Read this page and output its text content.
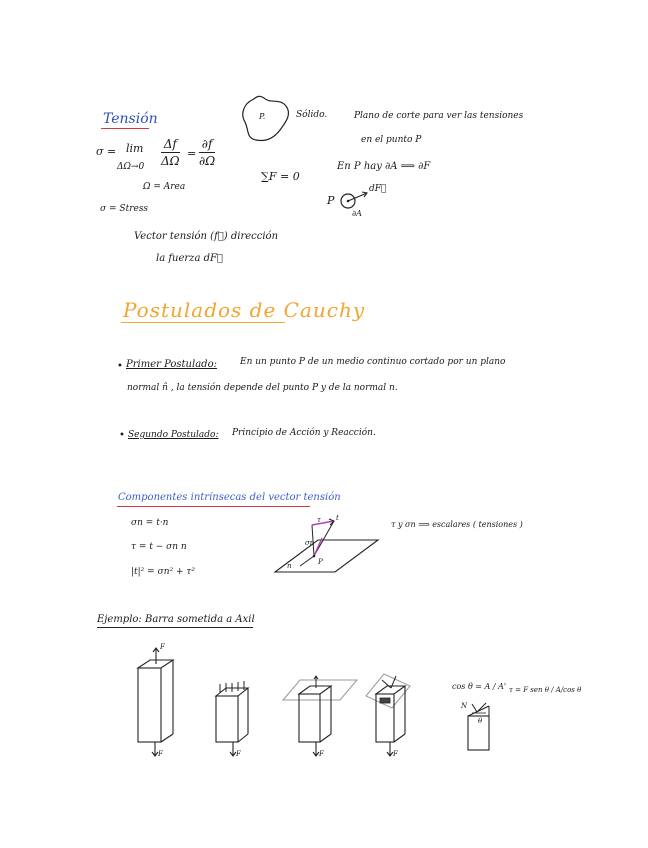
Tensión
σ = lim
ΔΩ→0
Δf
ΔΩ
=
∂f
∂Ω
Ω = Area
σ = Stress
Vector tensión (f⃗) dirección
la fuerza dF⃗
P.	Sólido.
∑F = 0
Plano de corte para ver las tensiones
en el punto P
En P hay ∂A ⟹ ∂F
P
dF⃗
∂A
Postulados de Cauchy
• Primer Postulado:	En un punto P de un medio continuo cortado por un plano
normal n̂ , la tensión depende del punto P y de la normal n.
• Segundo Postulado: Principio de Acción y Reacción.
Componentes intrínsecas del vector tensión
σn = t·n
τ = t − σn n
|t|² = σn² + τ²
τ y σn ⟹ escalares ( tensiones )
t
τ
σn
P
n
Ejemplo: Barra sometida a Axil
F
F	F	F	F
cos θ = A / A' τ = F sen θ / A/cos θ
N
θ
